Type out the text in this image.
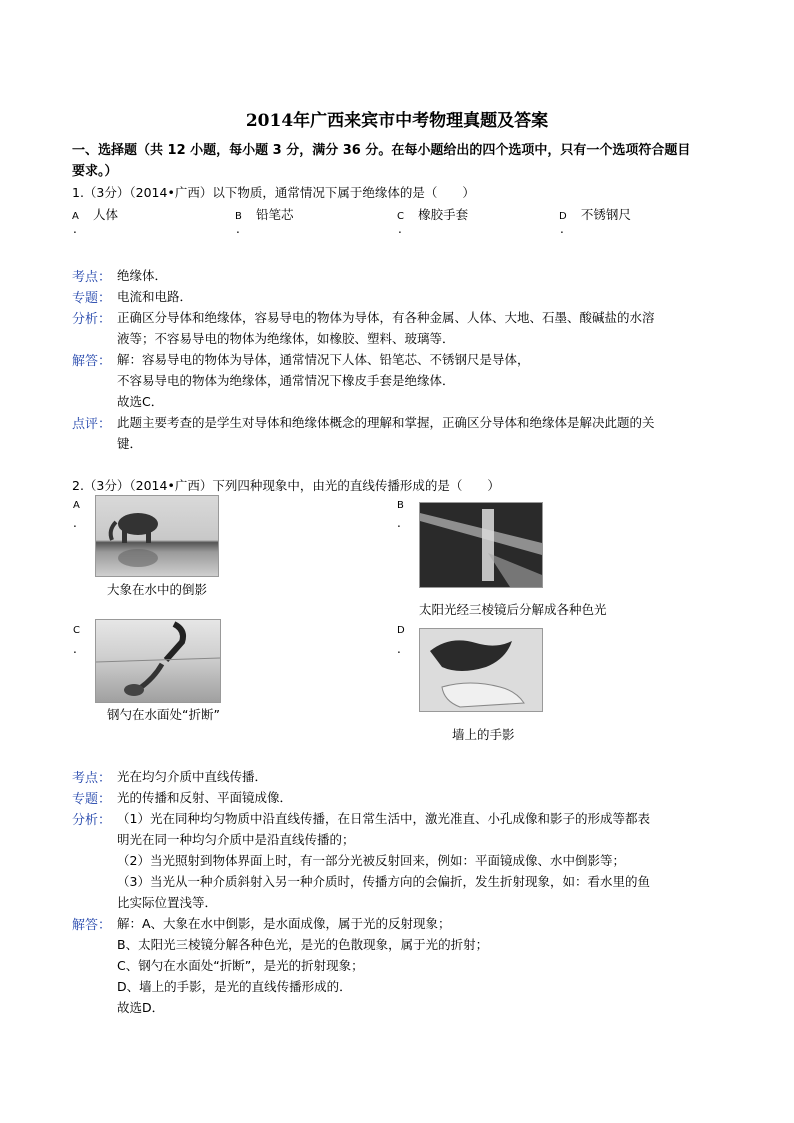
2014年广西来宾市中考物理真题及答案
一、选择题（共 12 小题，每小题 3 分，满分 36 分。在每小题给出的四个选项中，只有一个选项符合题目
要求。）
1.（3分）（2014•广西）以下物质，通常情况下属于绝缘体的是（　　）
A 人体	B 铅笔芯	C 橡胶手套	D 不锈钢尺
.	.	.	.
考点： 绝缘体．
专题： 电流和电路．
分析： 正确区分导体和绝缘体，容易导电的物体为导体，有各种金属、人体、大地、石墨、酸碱盐的水溶
液等；不容易导电的物体为绝缘体，如橡胶、塑料、玻璃等．
解答： 解：容易导电的物体为导体，通常情况下人体、铅笔芯、不锈钢尺是导体，
不容易导电的物体为绝缘体，通常情况下橡皮手套是绝缘体．
故选C．
点评： 此题主要考查的是学生对导体和绝缘体概念的理解和掌握，正确区分导体和绝缘体是解决此题的关
键．
2.（3分）（2014•广西）下列四种现象中，由光的直线传播形成的是（　　）
A
.
大象在水中的倒影
B
.
太阳光经三棱镜后分解成各种色光
C
.
钢勺在水面处“折断”
D
.
墙上的手影
考点： 光在均匀介质中直线传播．
专题： 光的传播和反射、平面镜成像．
分析： （1）光在同种均匀物质中沿直线传播，在日常生活中，激光准直、小孔成像和影子的形成等都表
明光在同一种均匀介质中是沿直线传播的；
（2）当光照射到物体界面上时，有一部分光被反射回来，例如：平面镜成像、水中倒影等；
（3）当光从一种介质斜射入另一种介质时，传播方向的会偏折，发生折射现象，如：看水里的鱼
比实际位置浅等．
解答： 解：A、大象在水中倒影，是水面成像，属于光的反射现象；
B、太阳光三棱镜分解各种色光，是光的色散现象，属于光的折射；
C、钢勺在水面处“折断”，是光的折射现象；
D、墙上的手影，是光的直线传播形成的．
故选D．
